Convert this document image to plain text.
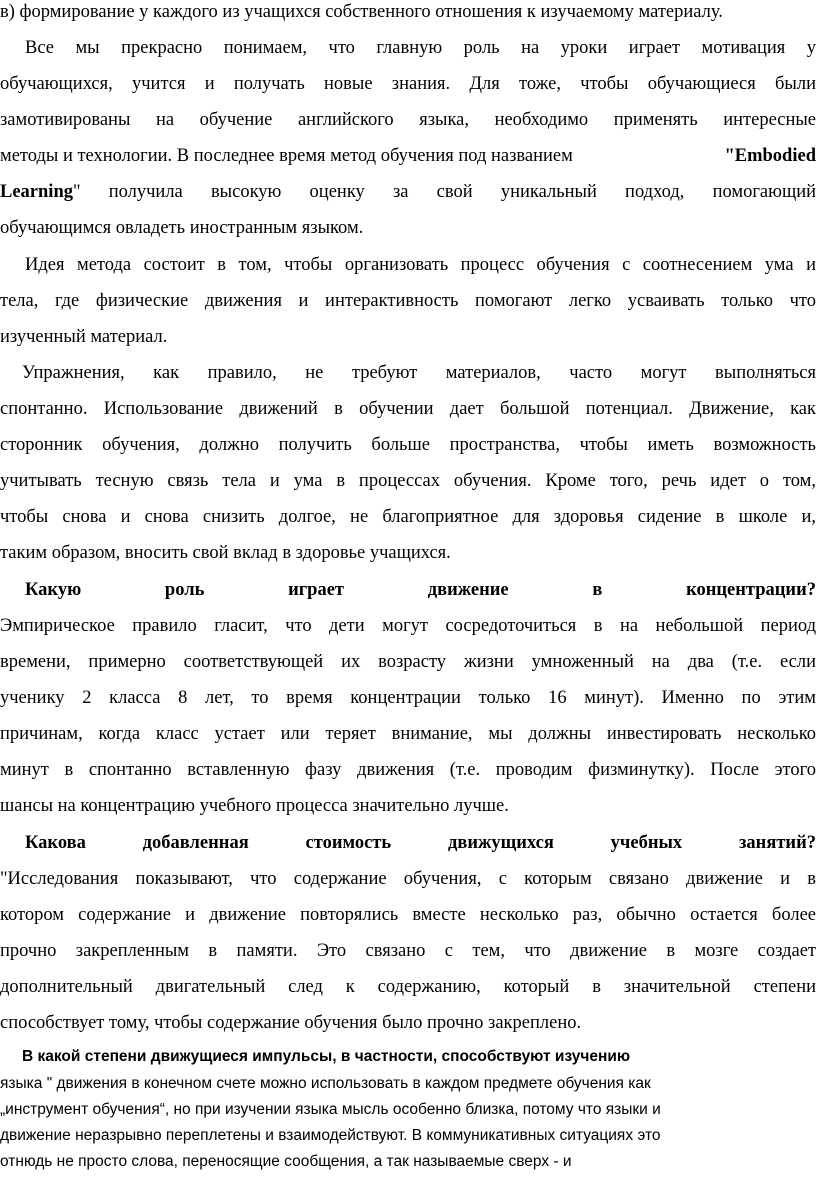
в) формирование у каждого из учащихся собственного отношения к изучаемому материалу.
Все мы прекрасно понимаем, что главную роль на уроки играет мотивация у
обучающихся, учится и получать новые знания. Для тоже, чтобы обучающиеся были
замотивированы на обучение английского языка, необходимо применять интересные
методы и технологии. В последнее время метод обучения под названием	"Embodied
Learning " получила высокую оценку за свой уникальный подход, помогающий
обучающимся овладеть иностранным языком.
Идея метода состоит в том, чтобы организовать процесс обучения с соотнесением ума и
тела, где физические движения и интерактивность помогают легко усваивать только что
изученный материал.
Упражнения, как правило, не требуют материалов, часто могут выполняться
спонтанно. Использование движений в обучении дает большой потенциал. Движение, как
сторонник обучения, должно получить больше пространства, чтобы иметь возможность
учитывать тесную связь тела и ума в процессах обучения. Кроме того, речь идет о том,
чтобы снова и снова снизить долгое, не благоприятное для здоровья сидение в школе и,
таким образом, вносить свой вклад в здоровье учащихся.
Какую роль играет движение в концентрации?
Эмпирическое правило гласит, что дети могут сосредоточиться в на небольшой период
времени, примерно соответствующей их возрасту жизни умноженный на два (т.е. если
ученику 2 класса 8 лет, то время концентрации только 16 минут). Именно по этим
причинам, когда класс устает или теряет внимание, мы должны инвестировать несколько
минут в спонтанно вставленную фазу движения (т.е. проводим физминутку). После этого
шансы на концентрацию учебного процесса значительно лучше.
Какова добавленная стоимость движущихся учебных занятий?
"Исследования показывают, что содержание обучения, с которым связано движение и в
котором содержание и движение повторялись вместе несколько раз, обычно остается более
прочно закрепленным в памяти. Это связано с тем, что движение в мозге создает
дополнительный двигательный след к содержанию, который в значительной степени
способствует тому, чтобы содержание обучения было прочно закреплено.
В какой степени движущиеся импульсы, в частности, способствуют изучению
языка " движения в конечном счете можно использовать в каждом предмете обучения как
„инструмент обучения“, но при изучении языка мысль особенно близка, потому что языки и
движение неразрывно переплетены и взаимодействуют. В коммуникативных ситуациях это
отнюдь не просто слова, переносящие сообщения, а так называемые сверх - и
